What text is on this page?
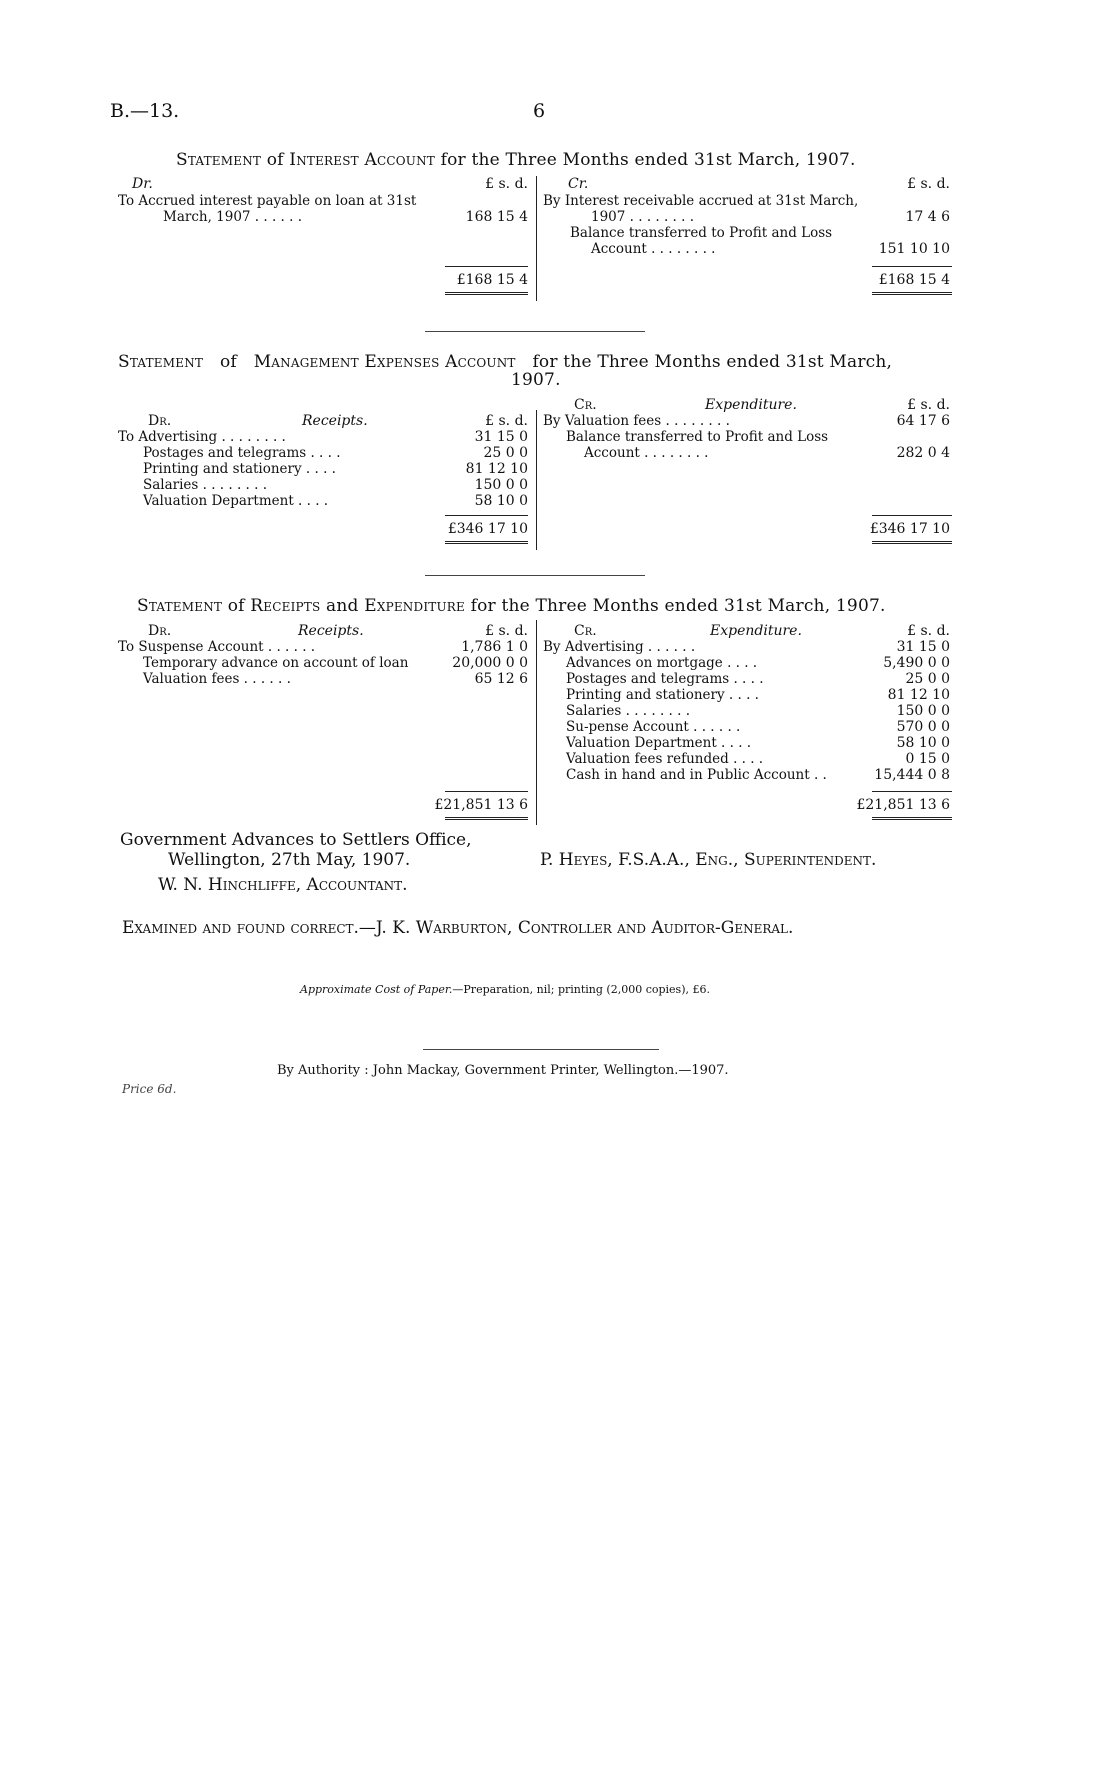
B.—13.	6
Statement of Interest Account for the Three Months ended 31st March, 1907.
Dr.	£ s. d.	Cr.	£ s. d.
To Accrued interest payable on loan at 31st
March, 1907 . . . . . .	168 15 4
By Interest receivable accrued at 31st March,
1907 . . . . . . . .	17 4 6
Balance transferred to Profit and Loss
Account . . . . . . . .	151 10 10
£168 15 4	£168 15 4
Statement of Management Expenses Account for the Three Months ended 31st March,
1907.
Cr.	Expenditure.	£ s. d.
Dr.	Receipts.	£ s. d.
To Advertising . . . . . . . .	31 15 0
Postages and telegrams . . . .	25 0 0
Printing and stationery . . . .	81 12 10
Salaries . . . . . . . .	150 0 0
Valuation Department . . . .	58 10 0
By Valuation fees . . . . . . . .	64 17 6
Balance transferred to Profit and Loss
Account . . . . . . . .	282 0 4
£346 17 10	£346 17 10
Statement of Receipts and Expenditure for the Three Months ended 31st March, 1907.
Dr.	Receipts.	£ s. d.	Cr.	Expenditure.	£ s. d.
To Suspense Account . . . . . .	1,786 1 0
Temporary advance on account of loan	20,000 0 0
Valuation fees . . . . . .	65 12 6
By Advertising . . . . . .	31 15 0
Advances on mortgage . . . .	5,490 0 0
Postages and telegrams . . . .	25 0 0
Printing and stationery . . . .	81 12 10
Salaries . . . . . . . .	150 0 0
Su-pense Account . . . . . .	570 0 0
Valuation Department . . . .	58 10 0
Valuation fees refunded . . . .	0 15 0
Cash in hand and in Public Account . .	15,444 0 8
£21,851 13 6	£21,851 13 6
Government Advances to Settlers Office,
Wellington, 27th May, 1907.	P. Heyes, F.S.A.A., Eng., Superintendent.
W. N. Hinchliffe, Accountant.
Examined and found correct.—J. K. Warburton, Controller and Auditor-General.
Approximate Cost of Paper.—Preparation, nil; printing (2,000 copies), £6.
By Authority : John Mackay, Government Printer, Wellington.—1907.
Price 6d.
